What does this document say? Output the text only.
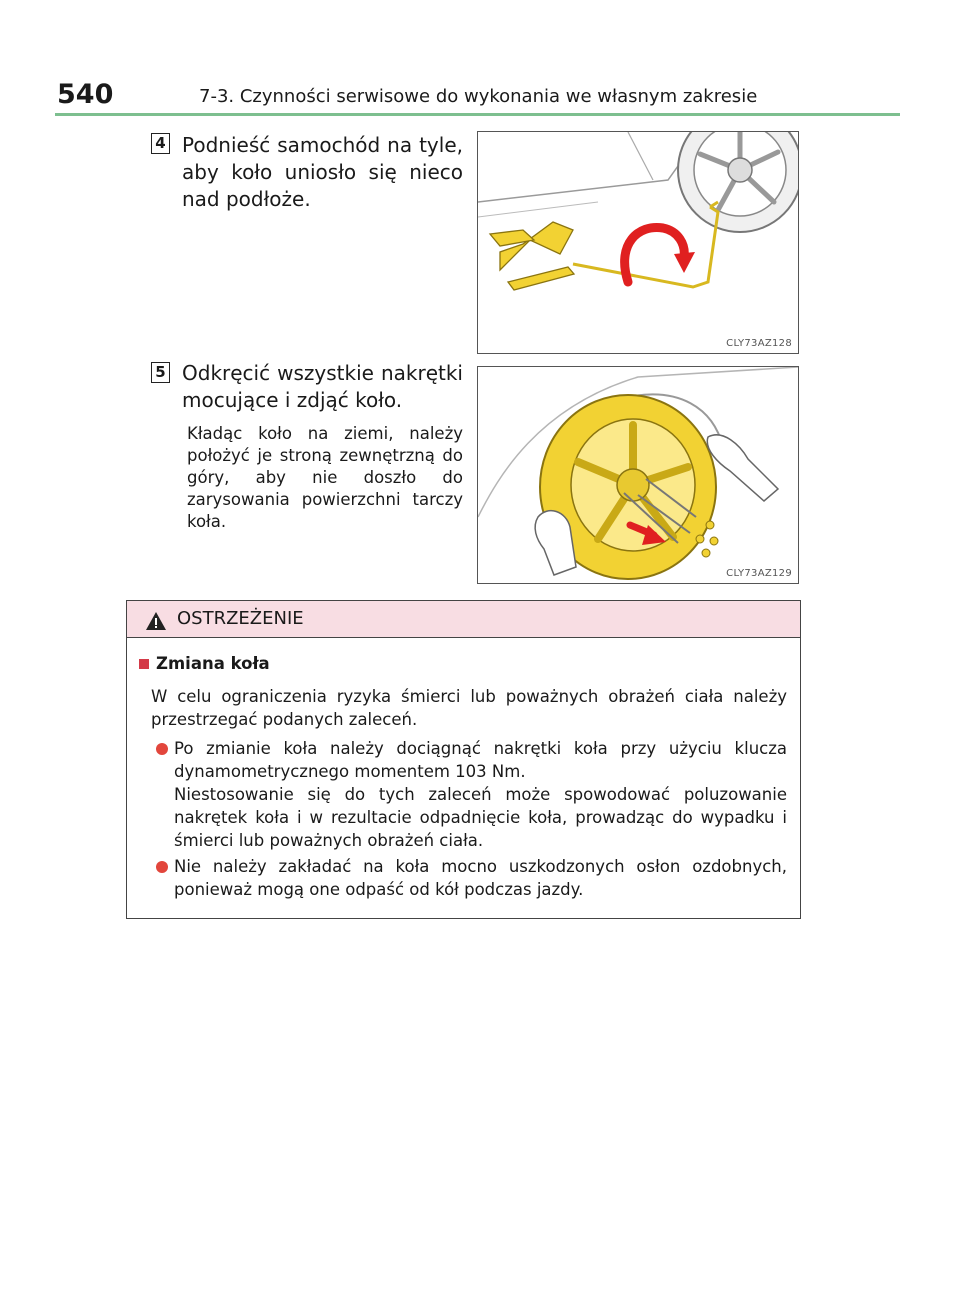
540	7-3. Czynności serwisowe do wykonania we własnym zakresie
4 Podnieść samochód na tyle, aby koło uniosło się nieco nad podłoże.
CLY73AZ128
5 Odkręcić wszystkie nakrętki mocujące i zdjąć koło.
Kładąc koło na ziemi, należy położyć je stroną zewnętrzną do góry, aby nie doszło do zarysowania powierzchni tarczy koła.
CLY73AZ129
OSTRZEŻENIE
Zmiana koła
W celu ograniczenia ryzyka śmierci lub poważnych obrażeń ciała należy przestrzegać podanych zaleceń.
Po zmianie koła należy dociągnąć nakrętki koła przy użyciu klucza dynamometrycznego momentem 103 Nm.
Niestosowanie się do tych zaleceń może spowodować poluzowanie nakrętek koła i w rezultacie odpadnięcie koła, prowadząc do wypadku i śmierci lub poważnych obrażeń ciała.
Nie należy zakładać na koła mocno uszkodzonych osłon ozdobnych, ponieważ mogą one odpaść od kół podczas jazdy.
